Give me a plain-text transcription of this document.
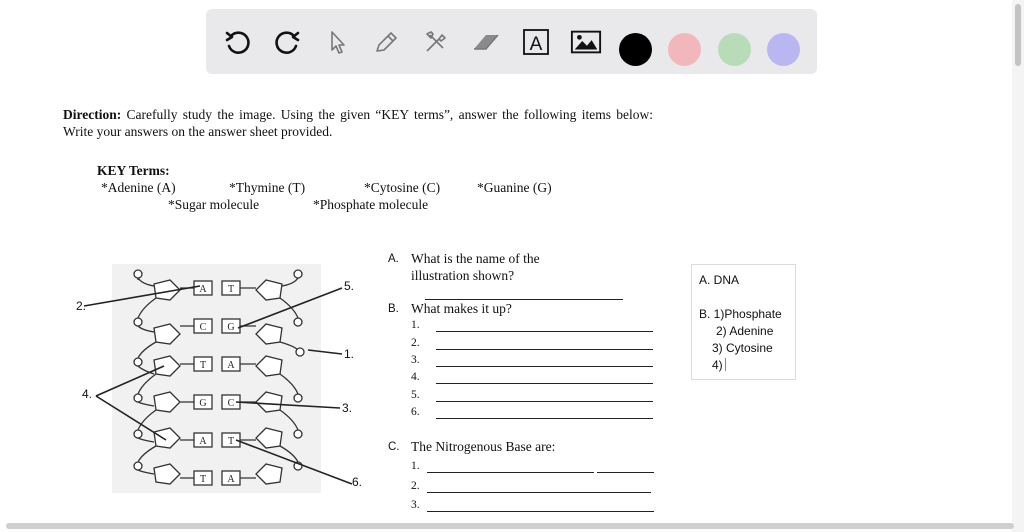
A
Direction: Carefully study the image. Using the given “KEY terms”, answer the following items below: Write your answers on the answer sheet provided.
KEY Terms:
*Adenine (A)	*Thymine (T)	*Cytosine (C)	*Guanine (G)
*Sugar molecule	*Phosphate molecule
A T
C G
T A
G C
A T
T A
2.
5.
1.
4.
3.
6.
A. What is the name of the
illustration shown?
B. What makes it up?
1.
2.
3.
4.
5.
6.
C. The Nitrogenous Base are:
1.
2.
3.
A. DNA
B. 1)Phosphate
2) Adenine
3) Cytosine
4)
